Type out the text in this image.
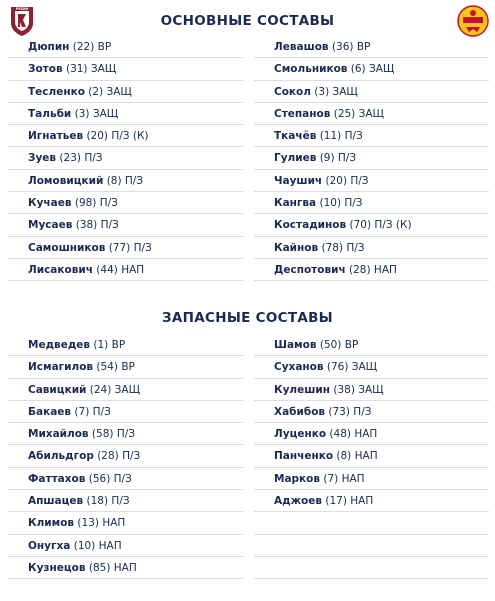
РУБИН
ОСНОВНЫЕ СОСТАВЫ
Дюпин (22) ВР
Зотов (31) ЗАЩ
Тесленко (2) ЗАЩ
Тальби (3) ЗАЩ
Игнатьев (20) П/З (К)
Зуев (23) П/З
Ломовицкий (8) П/З
Кучаев (98) П/З
Мусаев (38) П/З
Самошников (77) П/З
Лисакович (44) НАП
Левашов (36) ВР
Смольников (6) ЗАЩ
Сокол (3) ЗАЩ
Степанов (25) ЗАЩ
Ткачёв (11) П/З
Гулиев (9) П/З
Чаушич (20) П/З
Кангва (10) П/З
Костадинов (70) П/З (К)
Кайнов (78) П/З
Деспотович (28) НАП
ЗАПАСНЫЕ СОСТАВЫ
Медведев (1) ВР
Исмагилов (54) ВР
Савицкий (24) ЗАЩ
Бакаев (7) П/З
Михайлов (58) П/З
Абильдгор (28) П/З
Фаттахов (56) П/З
Апшацев (18) П/З
Климов (13) НАП
Онугха (10) НАП
Кузнецов (85) НАП
Шамов (50) ВР
Суханов (76) ЗАЩ
Кулешин (38) ЗАЩ
Хабибов (73) П/З
Луценко (48) НАП
Панченко (8) НАП
Марков (7) НАП
Аджоев (17) НАП
